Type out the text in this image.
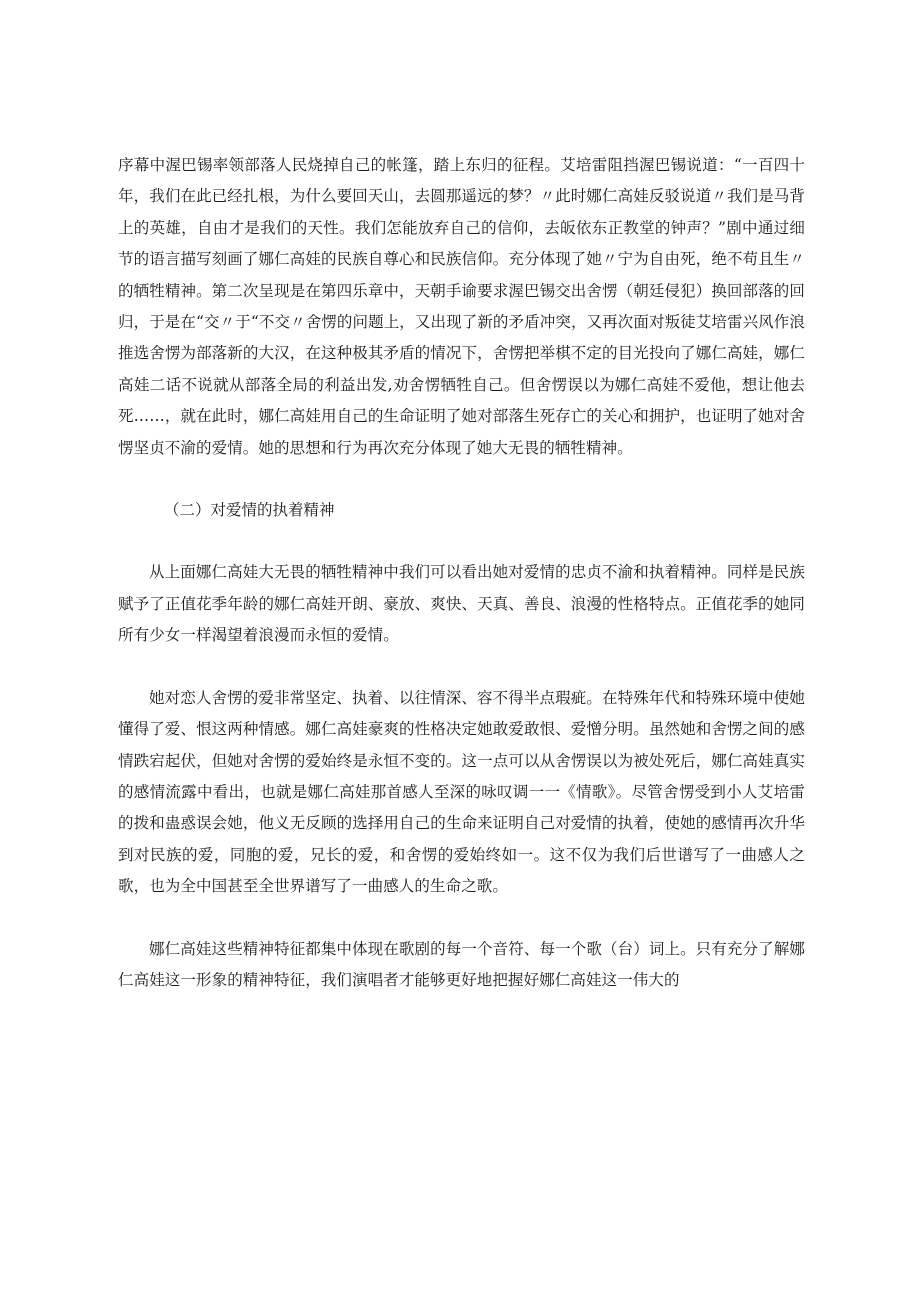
序幕中渥巴锡率领部落人民烧掉自己的帐篷，踏上东归的征程。艾培雷阻挡渥巴锡说道：“一百四十年，我们在此已经扎根，为什么要回天山，去圆那遥远的梦？〃此时娜仁高娃反驳说道〃我们是马背上的英雄，自由才是我们的天性。我们怎能放弃自己的信仰，去皈依东正教堂的钟声？”剧中通过细节的语言描写刻画了娜仁高娃的民族自尊心和民族信仰。充分体现了她〃宁为自由死，绝不苟且生〃的牺牲精神。第二次呈现是在第四乐章中，天朝手谕要求渥巴锡交出舍愣（朝廷侵犯）换回部落的回归，于是在“交〃于“不交〃舍愣的问题上，又出现了新的矛盾冲突，又再次面对叛徒艾培雷兴风作浪推选舍愣为部落新的大汉，在这种极其矛盾的情况下，舍愣把举棋不定的目光投向了娜仁高娃，娜仁高娃二话不说就从部落全局的利益出发,劝舍愣牺牲自己。但舍愣误以为娜仁高娃不爱他，想让他去死……，就在此时，娜仁高娃用自己的生命证明了她对部落生死存亡的关心和拥护，也证明了她对舍愣坚贞不渝的爱情。她的思想和行为再次充分体现了她大无畏的牺牲精神。

（二）对爱情的执着精神

从上面娜仁高娃大无畏的牺牲精神中我们可以看出她对爱情的忠贞不渝和执着精神。同样是民族赋予了正值花季年龄的娜仁高娃开朗、豪放、爽快、天真、善良、浪漫的性格特点。正值花季的她同所有少女一样渴望着浪漫而永恒的爱情。

她对恋人舍愣的爱非常坚定、执着、以往情深、容不得半点瑕疵。在特殊年代和特殊环境中使她懂得了爱、恨这两种情感。娜仁高娃豪爽的性格决定她敢爱敢恨、爱憎分明。虽然她和舍愣之间的感情跌宕起伏，但她对舍愣的爱始终是永恒不变的。这一点可以从舍愣误以为被处死后，娜仁高娃真实的感情流露中看出，也就是娜仁高娃那首感人至深的咏叹调一一《情歌》。尽管舍愣受到小人艾培雷的拨和蛊惑误会她，他义无反顾的选择用自己的生命来证明自己对爱情的执着，使她的感情再次升华到对民族的爱，同胞的爱，兄长的爱，和舍愣的爱始终如一。这不仅为我们后世谱写了一曲感人之歌，也为全中国甚至全世界谱写了一曲感人的生命之歌。

娜仁高娃这些精神特征都集中体现在歌剧的每一个音符、每一个歌（台）词上。只有充分了解娜仁高娃这一形象的精神特征，我们演唱者才能够更好地把握好娜仁高娃这一伟大的
